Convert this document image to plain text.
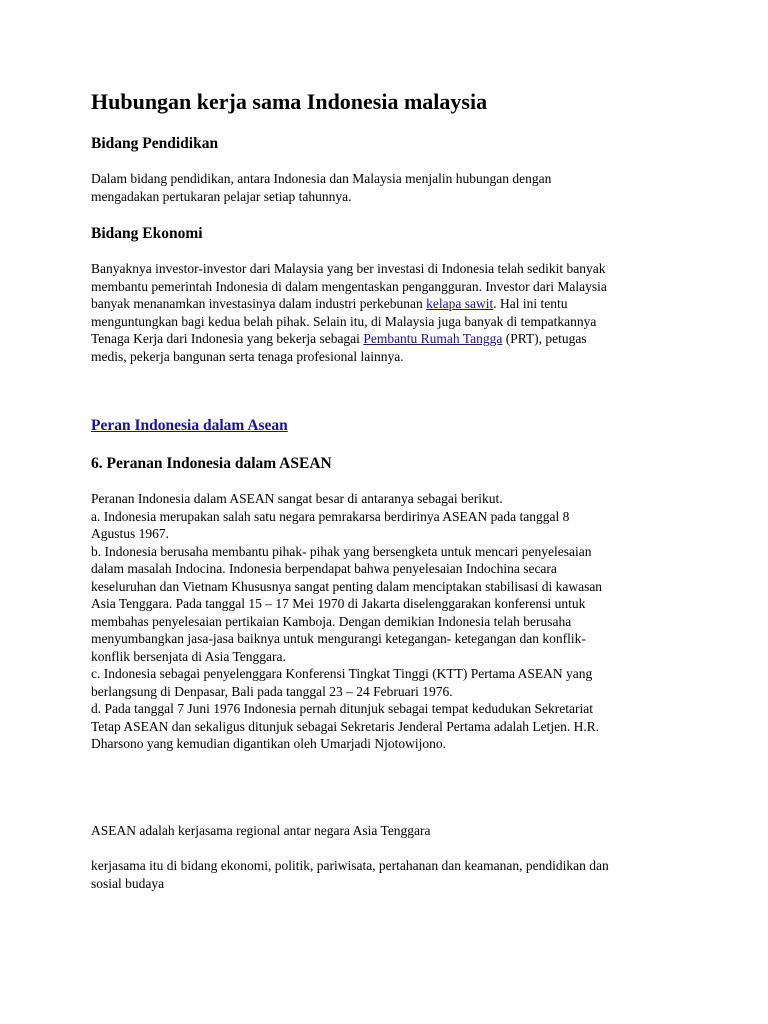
Hubungan kerja sama Indonesia malaysia
Bidang Pendidikan

Dalam bidang pendidikan, antara Indonesia dan Malaysia menjalin hubungan dengan
mengadakan pertukaran pelajar setiap tahunnya.

Bidang Ekonomi

Banyaknya investor-investor dari Malaysia yang ber investasi di Indonesia telah sedikit banyak
membantu pemerintah Indonesia di dalam mengentaskan pengangguran. Investor dari Malaysia
banyak menanamkan investasinya dalam industri perkebunan kelapa sawit. Hal ini tentu
menguntungkan bagi kedua belah pihak. Selain itu, di Malaysia juga banyak di tempatkannya
Tenaga Kerja dari Indonesia yang bekerja sebagai Pembantu Rumah Tangga (PRT), petugas
medis, pekerja bangunan serta tenaga profesional lainnya.

Peran Indonesia dalam Asean
6. Peranan Indonesia dalam ASEAN

Peranan Indonesia dalam ASEAN sangat besar di antaranya sebagai berikut.
a. Indonesia merupakan salah satu negara pemrakarsa berdirinya ASEAN pada tanggal 8
Agustus 1967.
b. Indonesia berusaha membantu pihak- pihak yang bersengketa untuk mencari penyelesaian
dalam masalah Indocina. Indonesia berpendapat bahwa penyelesaian Indochina secara
keseluruhan dan Vietnam Khususnya sangat penting dalam menciptakan stabilisasi di kawasan
Asia Tenggara. Pada tanggal 15 – 17 Mei 1970 di Jakarta diselenggarakan konferensi untuk
membahas penyelesaian pertikaian Kamboja. Dengan demikian Indonesia telah berusaha
menyumbangkan jasa-jasa baiknya untuk mengurangi ketegangan- ketegangan dan konflik-
konflik bersenjata di Asia Tenggara.
c. Indonesia sebagai penyelenggara Konferensi Tingkat Tinggi (KTT) Pertama ASEAN yang
berlangsung di Denpasar, Bali pada tanggal 23 – 24 Februari 1976.
d. Pada tanggal 7 Juni 1976 Indonesia pernah ditunjuk sebagai tempat kedudukan Sekretariat
Tetap ASEAN dan sekaligus ditunjuk sebagai Sekretaris Jenderal Pertama adalah Letjen. H.R.
Dharsono yang kemudian digantikan oleh Umarjadi Njotowijono.

ASEAN adalah kerjasama regional antar negara Asia Tenggara

kerjasama itu di bidang ekonomi, politik, pariwisata, pertahanan dan keamanan, pendidikan dan
sosial budaya
